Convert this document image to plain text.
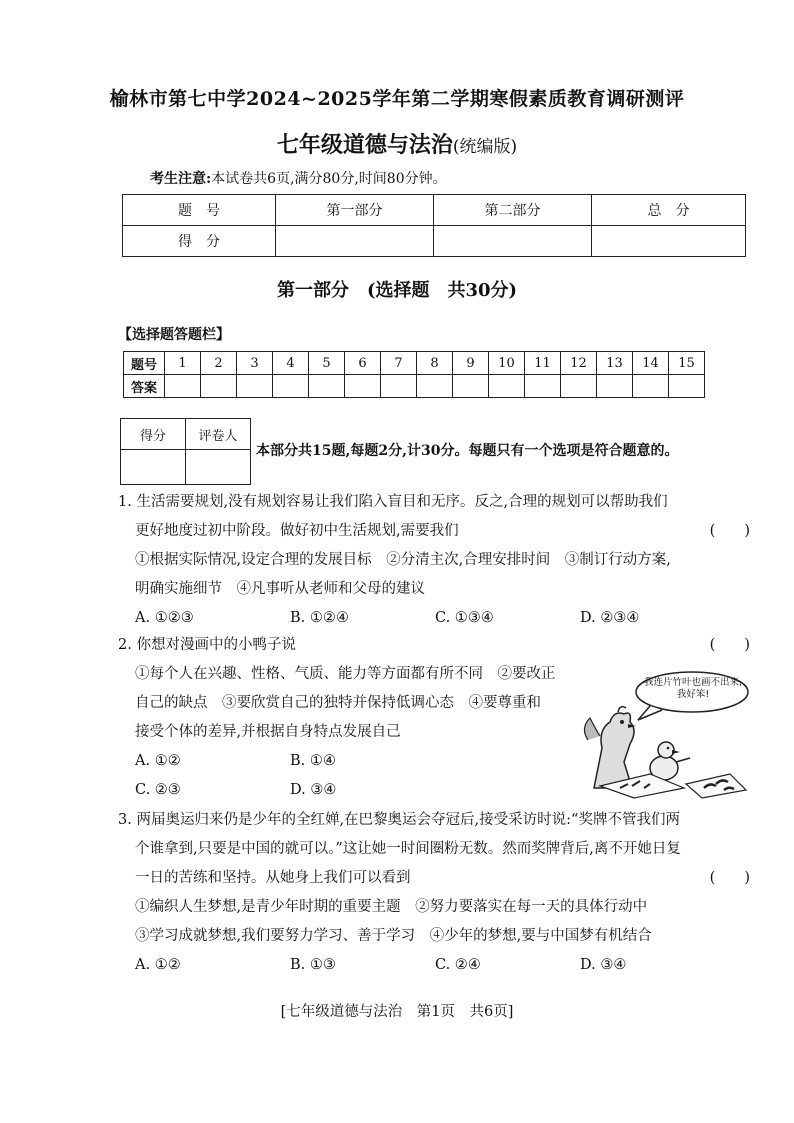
榆林市第七中学2024~2025学年第二学期寒假素质教育调研测评
七年级道德与法治(统编版)
考生注意:本试卷共6页,满分80分,时间80分钟。
题　号	第一部分	第二部分	总　分
得　分			
第一部分　(选择题　共30分)
【选择题答题栏】
题号	1	2	3	4	5	6	7	8	9	10	11	12	13	14	15
答案															
得分	评卷人

本部分共15题,每题2分,计30分。每题只有一个选项是符合题意的。

1. 生活需要规划,没有规划容易让我们陷入盲目和无序。反之,合理的规划可以帮助我们

更好地度过初中阶段。做好初中生活规划,需要我们	(　　)

①根据实际情况,设定合理的发展目标　②分清主次,合理安排时间　③制订行动方案,

明确实施细节　④凡事听从老师和父母的建议

A. ①②③	B. ①②④	C. ①③④	D. ②③④

2. 你想对漫画中的小鸭子说	(　　)

①每个人在兴趣、性格、气质、能力等方面都有所不同　②要改正

自己的缺点　③要欣赏自己的独特并保持低调心态　④要尊重和

接受个体的差异,并根据自身特点发展自己

A. ①②	B. ①④
C. ②③	D. ③④
我连片竹叶也画不出来,我好笨!

3. 两届奥运归来仍是少年的全红婵,在巴黎奥运会夺冠后,接受采访时说:“奖牌不管我们两

个谁拿到,只要是中国的就可以。”这让她一时间圈粉无数。然而奖牌背后,离不开她日复

一日的苦练和坚持。从她身上我们可以看到	(　　)

①编织人生梦想,是青少年时期的重要主题　②努力要落实在每一天的具体行动中

③学习成就梦想,我们要努力学习、善于学习　④少年的梦想,要与中国梦有机结合

A. ①②	B. ①③	C. ②④	D. ③④
[七年级道德与法治　第1页　共6页]
